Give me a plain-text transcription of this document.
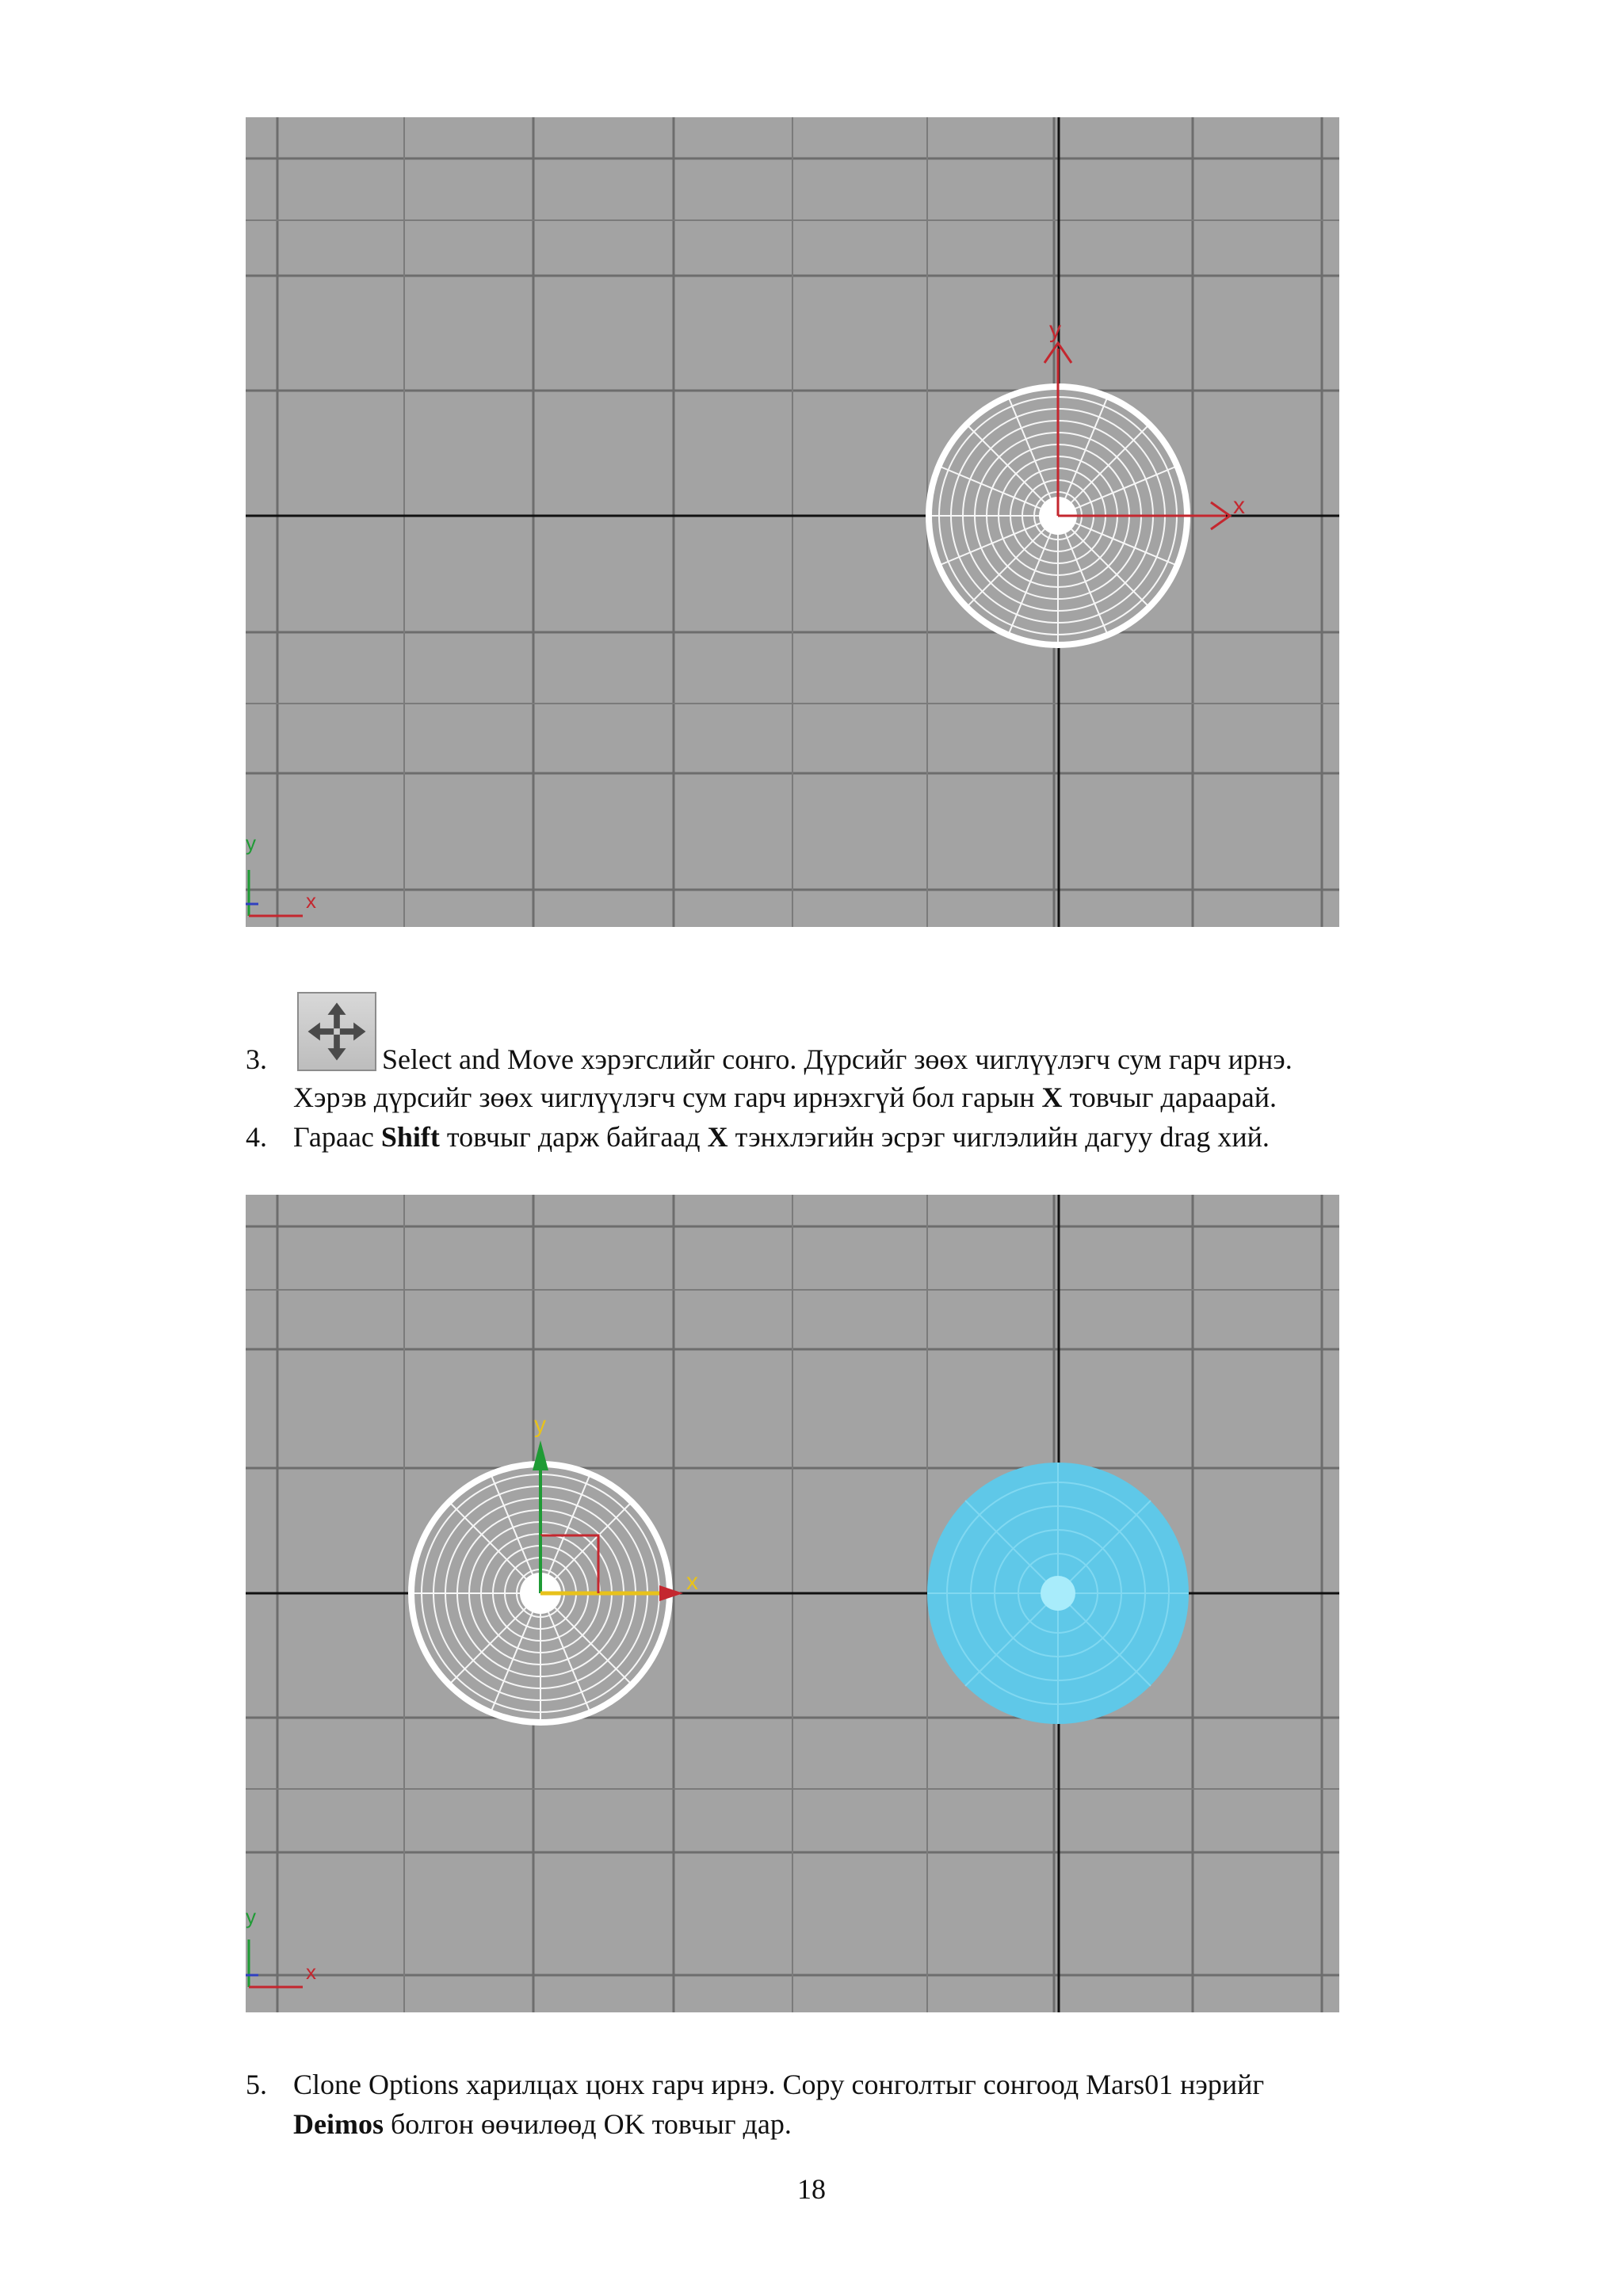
y
x
y
x
3.	Select and Move хэрэгслийг сонго. Дүрсийг зөөх чиглүүлэгч сум гарч ирнэ.
Хэрэв дүрсийг зөөх чиглүүлэгч сум гарч ирнэхгүй бол гарын X товчыг дараарай.
4. Гараас Shift товчыг дарж байгаад X тэнхлэгийн эсрэг чиглэлийн дагуу drag хий.
y
x
y
x
5. Clone Options харилцах цонх гарч ирнэ. Copy сонголтыг сонгоод Mars01 нэрийг
Deimos болгон өөчилөөд OK товчыг дар.
18
